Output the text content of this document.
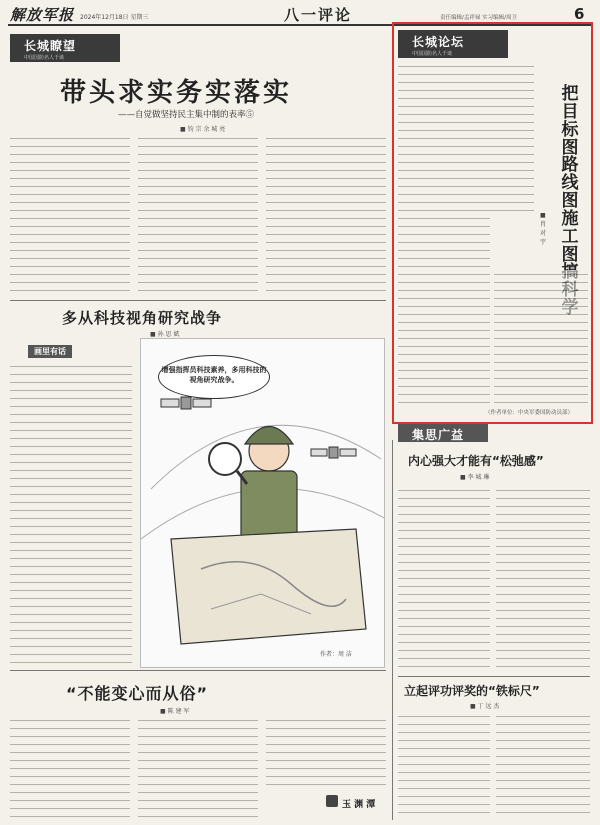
解放军报 2024年12月18日 星期三	八一评论	责任编辑/孟祥禄 实习编辑/周卫	6
长城瞭望
中国国防名人千谈
带头求实务实落实
——自觉做坚持民主集中制的表率⑤
■ 钧 宗 余 城 亮
多从科技视角研究战争
■ 孙 思 斌
画里有话
增强指挥员科技素养，多用科技的视角研究战争。
作者：周 洁
“不能变心而从俗”
■ 陈 建 军
玉 渊 潭
长城论坛
中国国防名人千谈
把目标图路线图施工图
■ 肖 对 宇
（作者单位：中央军委国防动员部）
集思广益
内心强大才能有“松弛感”
■ 李 城 琳
立起评功评奖的“铁标尺”
■ 丁 远 杰
